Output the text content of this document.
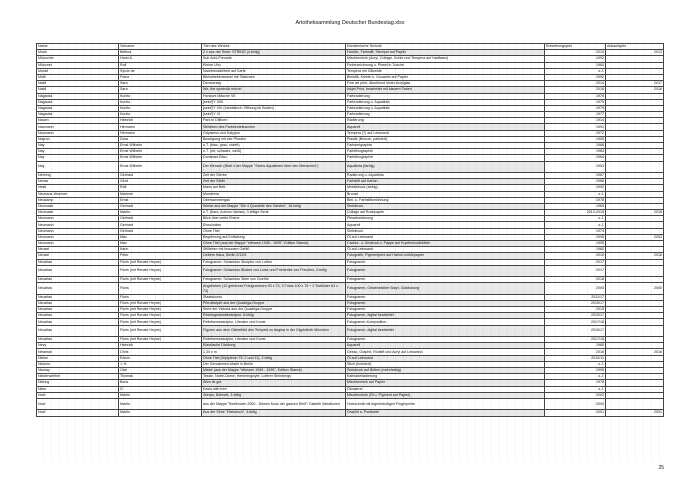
Artotheksammlung Deutscher Bundestag.xlsx
Name	Vorname	Titel des Werkes	Künstlerische Technik	Entstehungsjahr	Ankaufsjahr
Munk	Bettina	2 x aus der Serie: STRING (4-teilig)	Holzfilz, Farbstift, Stempel auf Papier	2010	2013
Münzcher	Horst A.	Sub Achi-Freunde	Mischtechnik (Acryl, Collage, Kohle und Tempera auf Hartfaser)	1992	
Münzner	Rolf	Kleine Uhu	Federzeichnung u. Pinsel in Tusche	1960	
Muralt	Sylvie de	Nachtelnadelbert auf Karte	Tempera mit Glitzeide	o.J.	
Muth	Franz	Bibliothekensessel mit Stationen	Bleistift, Kreide u. Gouache auf Papier	1992	
Nabil	Sara	Democracy	Fine art print, Alunlbond hinter Acrylglas	2014	2017
Nabil	Sara	We, the symbolic mirrori	Inkjet Print, bearbeitet mit blauem Faden	2016	2016
Nagaoka	Kunito	Horizont Mäsche VII	Farbradierung	1978	
Nagaoka	Kunito	[sekt/]'Y XXII	Farbradierung u. Aquatinta	1979	
Nagaoka	Kunito	[sekt/]'Y XXI (futuristisch: Öffnung im Boden)	Farbradierung u. Aquatinta	1979	
Nagaoka	Kunito	[sekt/]'Y XI	Farbradierung	1977	
Nauen	Heinrich	Park in Dillborn	Radierung	1914	
Naumann	Hermann	Stillleben des Farbbeuteltuschen	Aquarell	1991	
Naumann	Hermann	Odysseus und Kalypso	Tempera (?) auf Leinwand	1972	
Nayron	Dora	Bewegung mit vier Pfosten	Plastik (Bronze, patiniert)	1990	
Nay	Ernst Wilhelm	o.T. (blau, grau, violett)	Farbserigraphie	1966	
Nay	Ernst Wilhelm	o.T. (rot, schwarz, weiß)	Farblithographie	1964	
Nay	Ernst Wilhelm	Dominant Blau	Farblithographie	1964	
Nay	Ernst Wilhelm	Der Mensch (Blatt 4 der Mappe "Sechs Aquatinten über den Menschen")	Aquatinta (farbig)	1953	
Nehring	Gerhard	Zeit der Sterbe	Radierung u. Aquatinta	1987	
Nenss	Gerd	Zeit der Stelle	Farbstift auf Karton	1988	
Nestl	Rolf	Mann auf Bett	Metalldruck (farbig)	1992	
Neuhaus-Woerner	Marlene	Mondenia	Bronze	o.J.	
Neukamp	Ernst	Obersammergau	Blei- u. Farbstiftzeichnung	1978	
Neumaier	Gerhard	Werke aus der Mappe "Die 4 Quartette des Geistes", 16-teilig	Siebdruck	1969	
Neumaier	Martin	o.T. (Kaut, Adorno Vanisa), 3-teilige Serie	Collage auf Buchpapier	2013-2015	2016
Neumann	Gerhard	Blick über weite Ebene	Pinselzeichnung	o.J.	
Neumann	Gerhard	Eisschollen	Aquarell	o.J.	
Neumann	Gerhard	Ohne Titel	Siebdruck	1974	
Neumann	Max	Begebnung aut Entfaltung	Öl auf Leinwand	1995	2003
Neumann	Max	Ohne Titel (aus der Mappe "ettmann 1945 - 1995", Edition Staeck)	Cachur- u. Umdruck v. Pappe auf Kupferdruckbütten	1995	
Neusel	Karin	Stillleben mit braunem Gefäß	Öl auf Leinwand	1980	
Neusel	Peter	Liebers Haus, Berlin 2/12/4	Fotografie, Pigmentprint auf Hahne-mühlepapier	2010	2016
Neuzitas	Floris (mit Renate Heyne)	Fotogramm: Schadows Skulptur von Luther	Fotogramm	2017	
Neuzitas	Floris (mit Renate Heyne)	Fotogramm: Schadows Büsten von Luise und Friederike von Preußen, 3-teilig	Fotogramm	2017	
Neuzitas	Floris (mit Renate Heyne)	Fotogramm: Schadows Stele von Goethe	Fotogramm	2018	
Neuzitas	Floris	Angelieben (12 getrennte Fotogrammen 93 x 73, 2 Fotos 100 x 75 + 2 Tortbilder 63 x 73)	Fotogramm, Gelatinesilber Baryt, Goldtonung	2000	2000
Neuzitas	Floris	Staatskunst	Fotogramm	2011/17	
Neuzitas	Floris (mit Renate Heyne)	Pferdeköpfe aus der Quadriga-Gruppe	Fotogramm	2015/17	
Neuzitas	Floris (mit Renate Heyne)	Stele der Victoria aus der Quadriga-Gruppe	Fotogramm	2015	
Neuzitas	Floris (mit Renate Heyne)	Reichsgesandteskulptur, 6-teilig	Fotogramm, digital bearbeitet	2015/17	
Neuzitas	Floris (mit Renate Heyne)	Reliefsemsskulptur, Literatur und Kunst	Fotogramm-Komposition	2017/18	
Neuzitas	Floris (mit Renate Heyne)	Figuren aus dem Giebelfeld des Tempels zu Aegina in der Glyptothek München	Fotogramm, digital bearbeitet	2015/17	
Neuzitas	Floris (mit Renate Heyne)	Reliefsemsskulptur, Literatur und Kunst	Fotogramm	2017/18	
Nevy	Heinrich	Klassische Dichtung	Aquarell	1980	
Newman	Chris	1.30 x m	Gesso, Graphit, Filzstift und Acryl auf Leinwand	2016	2016
Niewe	Edwin	Ohne Titel (Diptychon 75. 2 und 11), 2-teilig	Öl auf Leinwand	2010/11	
Nickers	J. H.	Der Gendarmen-Markt in Berlin	Stich (koloriert)	o.J.	
Nicolay	Olaf	Mister (aus der Mappe "ettmann 1945 - 1995", Edition Staeck)	Siebdruck auf Bütten (mehrfarbig)	1995	
Niederweither	Thomas	Tessin, Notre-Dame, Hemmingwyte, Loferer Steinbergs	Kaltnadelradierung	o.J.	
Niering	Boris	Alles ist gut	Mischtechnik auf Papier	1978	
Niew	G.	Kasin with tree	Ölmalerei	o.J.	
Noel	Martin	Jeerpo, Bohnett, 3-teilig	Mischtechnik (Öl u. Pigment auf Papier)	2002	
Noel	Martin	aus der Mappe "Beethoven 2000 - Diesen Kuss der ganzen Welt": Diabelli Variationen	Holzschnitt mit eigenhändigen Fingerprints	2000	
Noel	Martin	Aus der Serie "Historisch", 3-teilig	Graphit a. Postkarte	2001	2001
25
